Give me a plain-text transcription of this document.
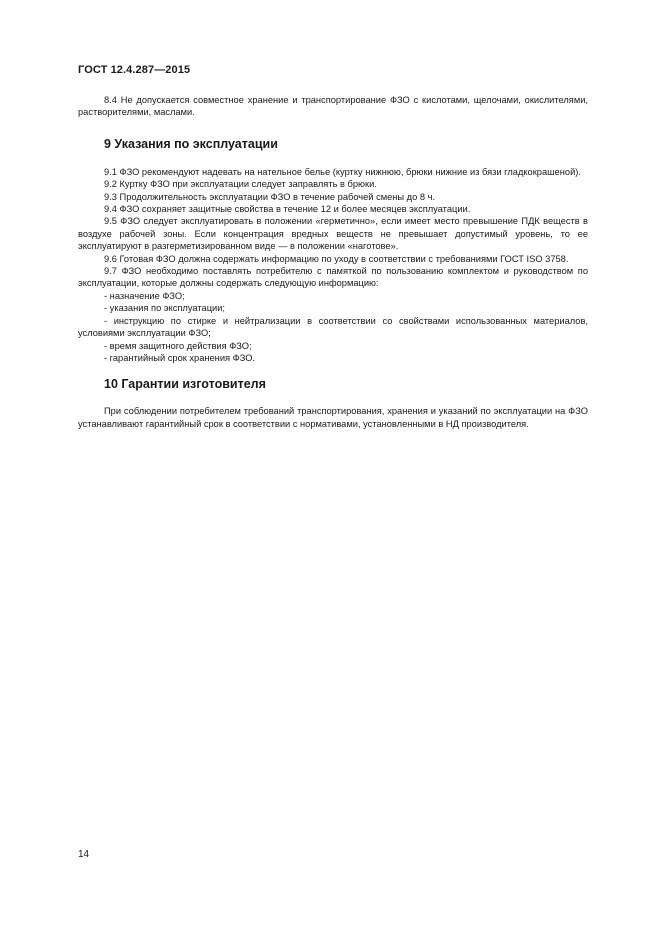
ГОСТ 12.4.287—2015

8.4 Не допускается совместное хранение и транспортирование ФЗО с кислотами, щелочами, окислителями, растворителями, маслами.

9 Указания по эксплуатации

9.1 ФЗО рекомендуют надевать на нательное белье (куртку нижнюю, брюки нижние из бязи гладкокрашеной).

9.2 Куртку ФЗО при эксплуатации следует заправлять в брюки.

9.3 Продолжительность эксплуатации ФЗО в течение рабочей смены до 8 ч.

9.4 ФЗО сохраняет защитные свойства в течение 12 и более месяцев эксплуатации.

9.5 ФЗО следует эксплуатировать в положении «герметично», если имеет место превышение ПДК веществ в воздухе рабочей зоны. Если концентрация вредных веществ не превышает допустимый уровень, то ее эксплуатируют в разгерметизированном виде — в положении «наготове».

9.6 Готовая ФЗО должна содержать информацию по уходу в соответствии с требованиями ГОСТ ISO 3758.

9.7 ФЗО необходимо поставлять потребителю с памяткой по пользованию комплектом и руководством по эксплуатации, которые должны содержать следующую информацию:

- назначение ФЗО;

- указания по эксплуатации;

- инструкцию по стирке и нейтрализации в соответствии со свойствами использованных материалов, условиями эксплуатации ФЗО;

- время защитного действия ФЗО;

- гарантийный срок хранения ФЗО.

10 Гарантии изготовителя

При соблюдении потребителем требований транспортирования, хранения и указаний по эксплуатации на ФЗО устанавливают гарантийный срок в соответствии с нормативами, установленными в НД производителя.

14
